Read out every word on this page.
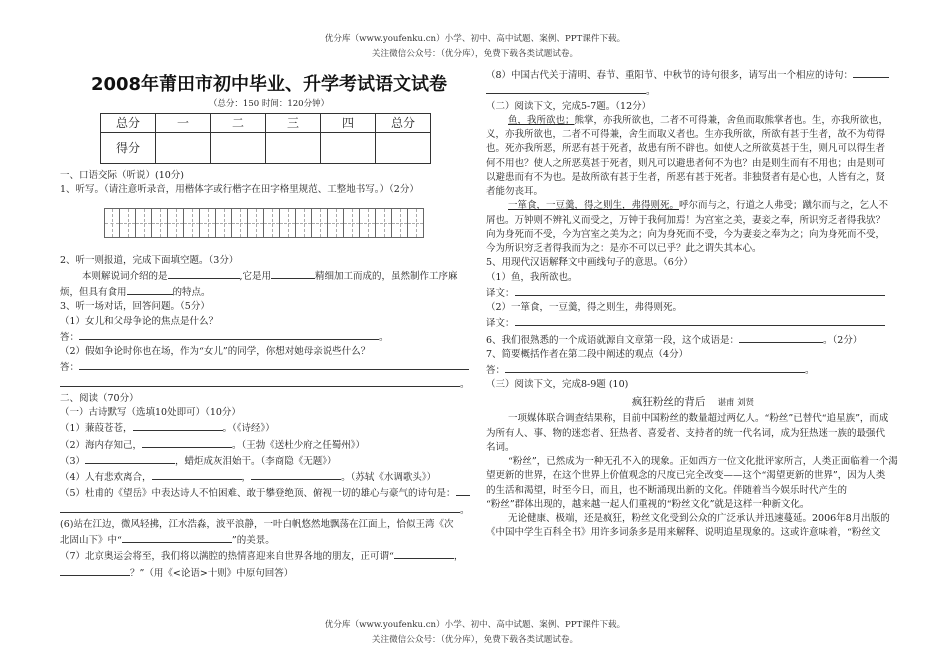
优分库（www.youfenku.cn）小学、初中、高中试题、案例、PPT课件下载。
关注微信公众号：（优分库），免费下载各类试题试卷。
2008年莆田市初中毕业、升学考试语文试卷
（总分：150 时间：120分钟）
总分	一	二	三	四	总分
得分					

一、口语交际（听说）(10分)

1、听写。（请注意听录音，用楷体字或行楷字在田字格里规范、工整地书写。）（2分）

2、听一则报道，完成下面填空题。（3分）

本则解说词介绍的是	,它是用	精细加工而成的，虽然制作工序麻

烦，但具有食用	的特点。

3、听一场对话，回答问题。（5分）

（1）女儿和父母争论的焦点是什么？

答：	。

（2）假如争论时你也在场，作为“女儿”的同学，你想对她母亲说些什么？

答：

。

二、阅读（70分）

（一）古诗默写（选填10处即可）（10分）

（1）蒹葭苍苍，	。（《诗经》）

（2）海内存知己，	。（王勃《送杜少府之任蜀州》）

（3）	，蜡炬成灰泪始干。（李商隐《无题》）

（4）人有悲欢离合，	，	。（苏轼《水调歌头》）

（5）杜甫的《望岳》中表达诗人不怕困难、敢于攀登绝顶、俯视一切的雄心与豪气的诗句是：

。

(6)站在江边，微风轻拂，江水浩淼，波平浪静，一叶白帆悠然地飘荡在江面上，恰似王湾《次

北固山下》中“	”的美景。

（7）北京奥运会将至，我们将以满腔的热情喜迎来自世界各地的朋友，正可谓“	，

？”（用《<论语>十则》中原句回答）

（8）中国古代关于清明、春节、重阳节、中秋节的诗句很多，请写出一个相应的诗句：

。

（二）阅读下文，完成5-7题。（12分）

鱼，我所欲也；熊掌，亦我所欲也，二者不可得兼，舍鱼而取熊掌者也。生，亦我所欲也，

义，亦我所欲也，二者不可得兼，舍生而取义者也。生亦我所欲，所欲有甚于生者，故不为苟得

也。死亦我所恶，所恶有甚于死者，故患有所不辟也。如使人之所欲莫甚于生，则凡可以得生者

何不用也？使人之所恶莫甚于死者，则凡可以避患者何不为也？由是则生而有不用也；由是则可

以避患而有不为也。是故所欲有甚于生者，所恶有甚于死者。非独贤者有是心也，人皆有之，贤

者能勿丧耳。

一箪食，一豆羹，得之则生，弗得则死。呼尔而与之，行道之人弗受；蹴尔而与之，乞人不

屑也。万钟则不辨礼义而受之，万钟于我何加焉！为宫室之美，妻妾之奉，所识穷乏者得我欤？

向为身死而不受，今为宫室之美为之；向为身死而不受，今为妻妾之奉为之；向为身死而不受，

今为所识穷乏者得我而为之：是亦不可以已乎？此之谓失其本心。

5、用现代汉语解释文中画线句子的意思。（6分）

（1）鱼，我所欲也。

译文：

（2）一箪食，一豆羹，得之则生，弗得则死。

译文：

6、我们很熟悉的一个成语就源自文章第一段，这个成语是：	。（2分）

7、简要概括作者在第二段中阐述的观点（4分）

答：	。

（三）阅读下文，完成8-9题 (10)

疯狂粉丝的背后 谌甫 刘贤

一项媒体联合调查结果称，目前中国粉丝的数量超过两亿人。“粉丝”已替代“追星族”，而成

为所有人、事、物的迷恋者、狂热者、喜爱者、支持者的统一代名词，成为狂热迷一族的最强代

名词。

“粉丝”，已然成为一种无孔不入的现象。正如西方一位文化批评家所言，人类正面临着一个渴

望更新的世界，在这个世界上价值观念的尺度已完全改变——这个“渴望更新的世界”，因为人类

的生活和渴望，时至今日，而且，也不断涌现出新的文化。伴随着当今娱乐时代产生的

“粉丝”群体出现的，越来越一起人们重视的“粉丝文化”就是这样一种新文化。

无论健康、极端，还是疯狂，粉丝文化受到公众的广泛承认并迅速蔓延。2006年8月出版的

《中国中学生百科全书》用许多词条多是用来解释、说明追星现象的。这或许意味着，“粉丝文

优分库（www.youfenku.cn）小学、初中、高中试题、案例、PPT课件下载。
关注微信公众号：（优分库），免费下载各类试题试卷。
